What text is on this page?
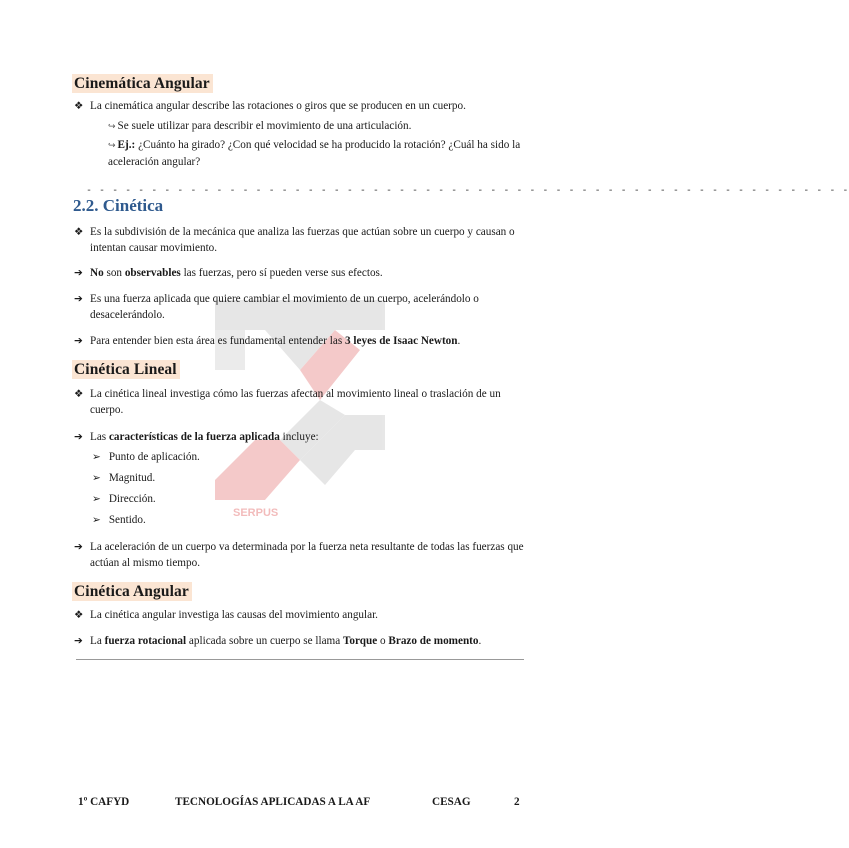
SERPUS
Cinemática Angular
❖ La cinemática angular describe las rotaciones o giros que se producen en un cuerpo.
↪ Se suele utilizar para describir el movimiento de una articulación.
↪ Ej.: ¿Cuánto ha girado? ¿Con qué velocidad se ha producido la rotación? ¿Cuál ha sido la aceleración angular?
- - - - - - - - - - - - - - - - - - - - - - - - - - - - - - - - - - - - - - - - - - - - - - - - - - - - - - - - - - -
2.2. Cinética
❖ Es la subdivisión de la mecánica que analiza las fuerzas que actúan sobre un cuerpo y causan o intentan causar movimiento.
➔ No son observables las fuerzas, pero sí pueden verse sus efectos.
➔ Es una fuerza aplicada que quiere cambiar el movimiento de un cuerpo, acelerándolo o desacelerándolo.
➔ Para entender bien esta área es fundamental entender las 3 leyes de Isaac Newton.
Cinética Lineal
❖ La cinética lineal investiga cómo las fuerzas afectan al movimiento lineal o traslación de un cuerpo.
➔ Las características de la fuerza aplicada incluye:
➢ Punto de aplicación.
➢ Magnitud.
➢ Dirección.
➢ Sentido.
➔ La aceleración de un cuerpo va determinada por la fuerza neta resultante de todas las fuerzas que actúan al mismo tiempo.
Cinética Angular
❖ La cinética angular investiga las causas del movimiento angular.
➔ La fuerza rotacional aplicada sobre un cuerpo se llama Torque o Brazo de momento.
1º CAFYD	TECNOLOGÍAS APLICADAS A LA AF	CESAG	2
